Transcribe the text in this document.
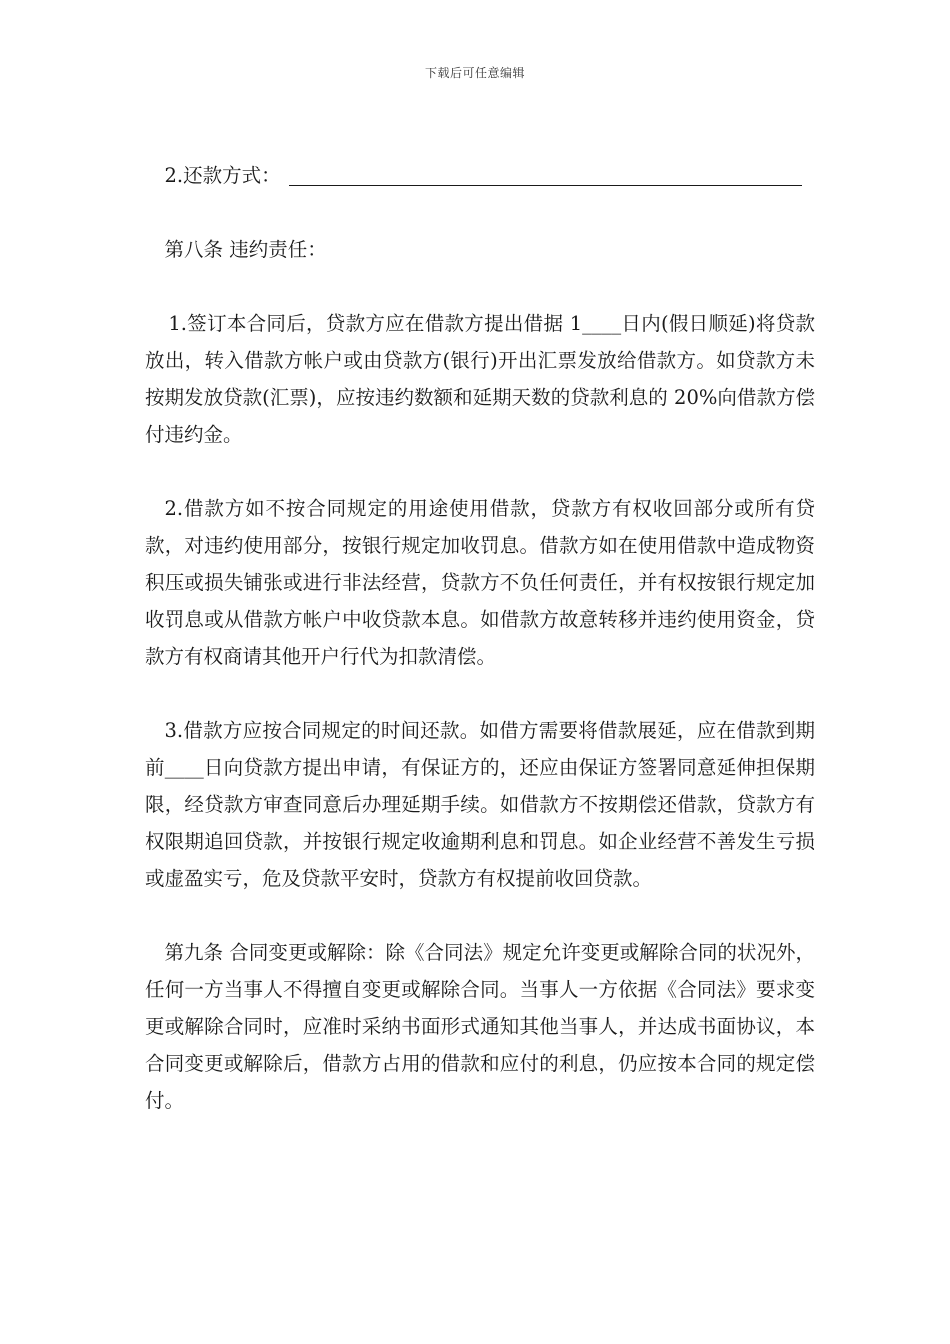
下载后可任意编辑

2.还款方式：

第八条 违约责任：

1.签订本合同后，贷款方应在借款方提出借据 1____日内(假日顺延)将贷款放出，转入借款方帐户或由贷款方(银行)开出汇票发放给借款方。如贷款方未按期发放贷款(汇票)，应按违约数额和延期天数的贷款利息的 20%向借款方偿付违约金。

2.借款方如不按合同规定的用途使用借款，贷款方有权收回部分或所有贷款，对违约使用部分，按银行规定加收罚息。借款方如在使用借款中造成物资积压或损失铺张或进行非法经营，贷款方不负任何责任，并有权按银行规定加收罚息或从借款方帐户中收贷款本息。如借款方故意转移并违约使用资金，贷款方有权商请其他开户行代为扣款清偿。

3.借款方应按合同规定的时间还款。如借方需要将借款展延，应在借款到期前____日向贷款方提出申请，有保证方的，还应由保证方签署同意延伸担保期限，经贷款方审查同意后办理延期手续。如借款方不按期偿还借款，贷款方有权限期追回贷款，并按银行规定收逾期利息和罚息。如企业经营不善发生亏损或虚盈实亏，危及贷款平安时，贷款方有权提前收回贷款。

第九条 合同变更或解除：除《合同法》规定允许变更或解除合同的状况外，任何一方当事人不得擅自变更或解除合同。当事人一方依据《合同法》要求变更或解除合同时，应准时采纳书面形式通知其他当事人，并达成书面协议，本合同变更或解除后，借款方占用的借款和应付的利息，仍应按本合同的规定偿付。
